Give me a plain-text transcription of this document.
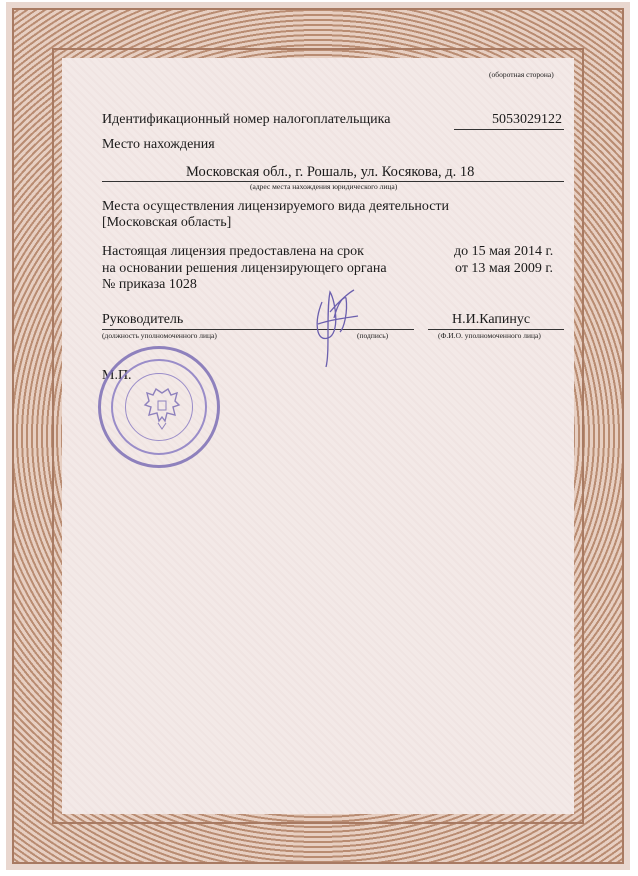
(оборотная сторона)
Идентификационный номер налогоплательщика	5053029122
Место нахождения
Московская обл., г. Рошаль, ул. Косякова, д. 18
(адрес места нахождения юридического лица)
Места осуществления лицензируемого вида деятельности
[Московская область]
Настоящая лицензия предоставлена на срок	до 15 мая 2014 г.
на основании решения лицензирующего органа	от 13 мая 2009 г.
№ приказа 1028
Руководитель	Н.И.Капинус
(должность уполномоченного лица)	(подпись)	(Ф.И.О. уполномоченного лица)
М.П.
